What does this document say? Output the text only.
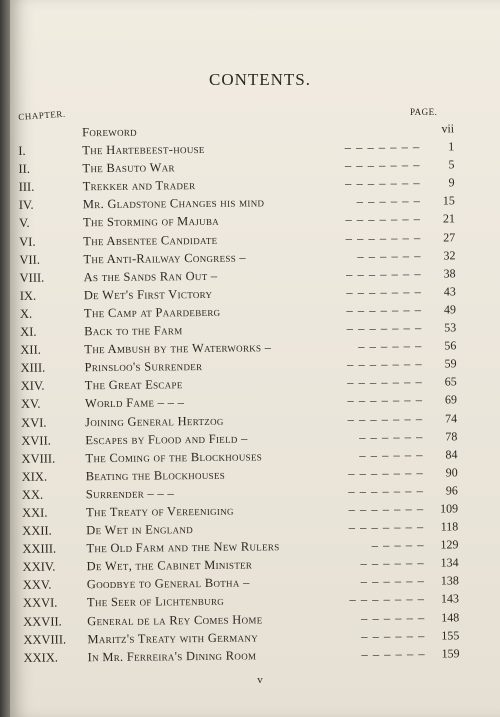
CONTENTS.
CHAPTER.	PAGE.
Foreword	vii
I.	The Hartebeest-house	– – – – – – –	1
II.	The Basuto War	– – – – – – –	5
III.	Trekker and Trader	– – – – – – –	9
IV.	Mr. Gladstone Changes his mind	– – – – – –	15
V.	The Storming of Majuba	– – – – – – –	21
VI.	The Absentee Candidate	– – – – – – –	27
VII.	The Anti-Railway Congress –	– – – – – –	32
VIII.	As the Sands Ran Out –	– – – – – – –	38
IX.	De Wet's First Victory	– – – – – – –	43
X.	The Camp at Paardeberg	– – – – – – –	49
XI.	Back to the Farm	– – – – – – –	53
XII.	The Ambush by the Waterworks –	– – – – – –	56
XIII.	Prinsloo's Surrender	– – – – – – –	59
XIV.	The Great Escape	– – – – – – –	65
XV.	World Fame – – –	– – – – – – –	69
XVI.	Joining General Hertzog	– – – – – – –	74
XVII.	Escapes by Flood and Field –	– – – – – –	78
XVIII.	The Coming of the Blockhouses	– – – – – –	84
XIX.	Beating the Blockhouses	– – – – – – –	90
XX.	Surrender – – –	– – – – – – –	96
XXI.	The Treaty of Vereeniging	– – – – – – –	109
XXII.	De Wet in England	– – – – – – –	118
XXIII.	The Old Farm and the New Rulers	– – – – –	129
XXIV.	De Wet, the Cabinet Minister	– – – – – –	134
XXV.	Goodbye to General Botha –	– – – – – –	138
XXVI.	The Seer of Lichtenburg	– – – – – – –	143
XXVII.	General de la Rey Comes Home	– – – – – –	148
XXVIII.	Maritz's Treaty with Germany	– – – – – –	155
XXIX.	In Mr. Ferreira's Dining Room	– – – – – –	159
v
